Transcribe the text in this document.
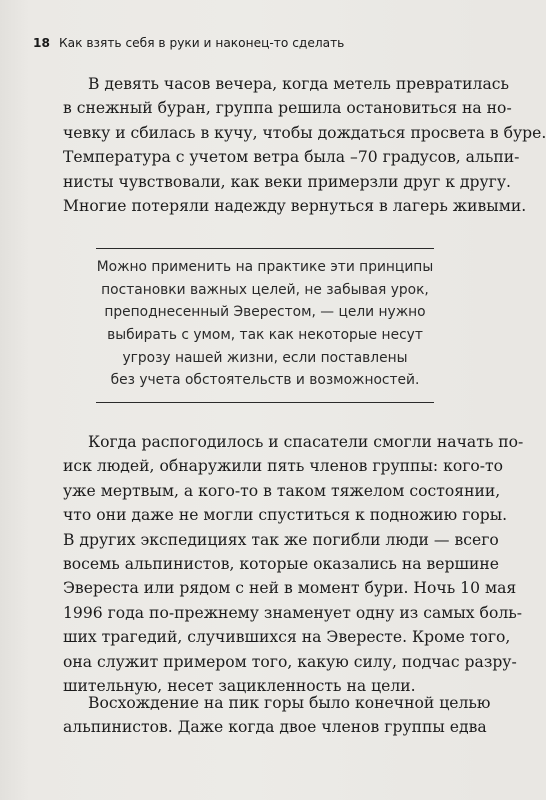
18 Как взять себя в руки и наконец-то сделать
В девять часов вечера, когда метель превратилась
в снежный буран, группа решила остановиться на но-
чевку и сбилась в кучу, чтобы дождаться просвета в буре.
Температура с учетом ветра была –70 градусов, альпи-
нисты чувствовали, как веки примерзли друг к другу.
Многие потеряли надежду вернуться в лагерь живыми.
Можно применить на практике эти принципы
постановки важных целей, не забывая урок,
преподнесенный Эверестом, — цели нужно
выбирать с умом, так как некоторые несут
угрозу нашей жизни, если поставлены
без учета обстоятельств и возможностей.
Когда распогодилось и спасатели смогли начать по-
иск людей, обнаружили пять членов группы: кого-то
уже мертвым, а кого-то в таком тяжелом состоянии,
что они даже не могли спуститься к подножию горы.
В других экспедициях так же погибли люди — всего
восемь альпинистов, которые оказались на вершине
Эвереста или рядом с ней в момент бури. Ночь 10 мая
1996 года по-прежнему знаменует одну из самых боль-
ших трагедий, случившихся на Эвересте. Кроме того,
она служит примером того, какую силу, подчас разру-
шительную, несет зацикленность на цели.
Восхождение на пик горы было конечной целью
альпинистов. Даже когда двое членов группы едва
